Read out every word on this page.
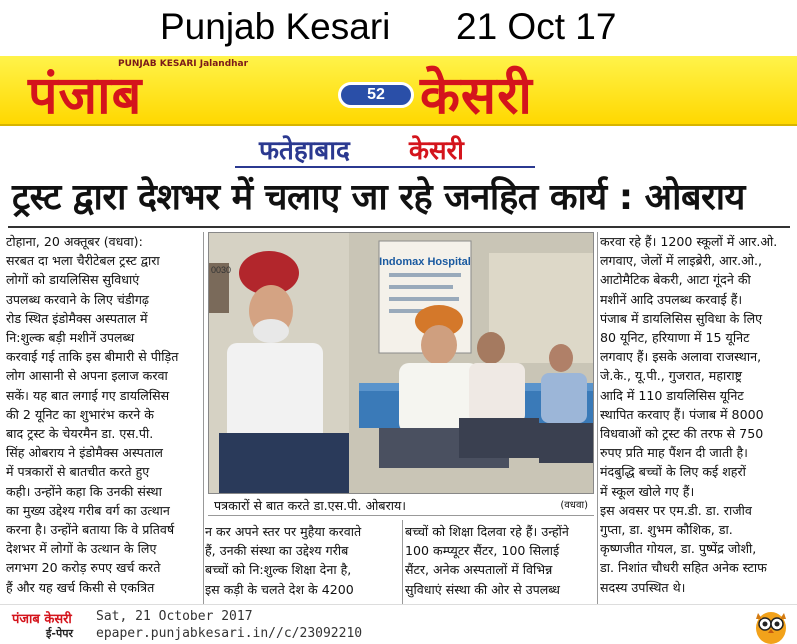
Punjab Kesari 21 Oct 17
PUNJAB KESARI Jalandhar
पंजाब	52 केसरी
फतेहाबाद केसरी
ट्रस्ट द्वारा देशभर में चलाए जा रहे जनहित कार्य : ओबराय

टोहाना, 20 अक्तूबर (वधवा):

सरबत दा भला चैरीटेबल ट्रस्ट द्वारा

लोगों को डायलिसिस सुविधाएं

उपलब्ध करवाने के लिए चंडीगढ़

रोड स्थित इंडोमैक्स अस्पताल में

नि:शुल्क बड़ी मशीनें उपलब्ध

करवाई गई ताकि इस बीमारी से पीड़ित

लोग आसानी से अपना इलाज करवा

सकें। यह बात लगाई गए डायलिसिस

की 2 यूनिट का शुभारंभ करने के

बाद ट्रस्ट के चेयरमैन डा. एस.पी.

सिंह ओबराय ने इंडोमैक्स अस्पताल

में पत्रकारों से बातचीत करते हुए

कही। उन्होंने कहा कि उनकी संस्था

का मुख्य उद्देश्य गरीब वर्ग का उत्थान

करना है। उन्होंने बताया कि वे प्रतिवर्ष

देशभर में लोगों के उत्थान के लिए

लगभग 20 करोड़ रुपए खर्च करते

हैं और यह खर्च किसी से एकत्रित

Indomax Hospital
0030
पत्रकारों से बात करते डा.एस.पी. ओबराय।	(वधवा)

न कर अपने स्तर पर मुहैया करवाते

हैं, उनकी संस्था का उद्देश्य गरीब

बच्चों को नि:शुल्क शिक्षा देना है,

इस कड़ी के चलते देश के 4200

बच्चों को शिक्षा दिलवा रहे हैं। उन्होंने

100 कम्प्यूटर सैंटर, 100 सिलाई

सैंटर, अनेक अस्पतालों में विभिन्न

सुविधाएं संस्था की ओर से उपलब्ध

करवा रहे हैं। 1200 स्कूलों में आर.ओ.

लगवाए, जेलों में लाइब्रेरी, आर.ओ.,

आटोमैटिक बेकरी, आटा गूंदने की

मशीनें आदि उपलब्ध करवाई हैं।

पंजाब में डायलिसिस सुविधा के लिए

80 यूनिट, हरियाणा में 15 यूनिट

लगवाए हैं। इसके अलावा राजस्थान,

जे.के., यू.पी., गुजरात, महाराष्ट्र

आदि में 110 डायलिसिस यूनिट

स्थापित करवाए हैं। पंजाब में 8000

विधवाओं को ट्रस्ट की तरफ से 750

रुपए प्रति माह पैंशन दी जाती है।

मंदबुद्धि बच्चों के लिए कई शहरों

में स्कूल खोले गए हैं।

इस अवसर पर एम.डी. डा. राजीव

गुप्ता, डा. शुभम कौशिक, डा.

कृष्णजीत गोयल, डा. पुष्पेंद्र जोशी,

डा. निशांत चौधरी सहित अनेक स्टाफ

सदस्य उपस्थित थे।

पंजाब केसरी
ई-पेपर
Sat, 21 October 2017
epaper.punjabkesari.in//c/23092210
